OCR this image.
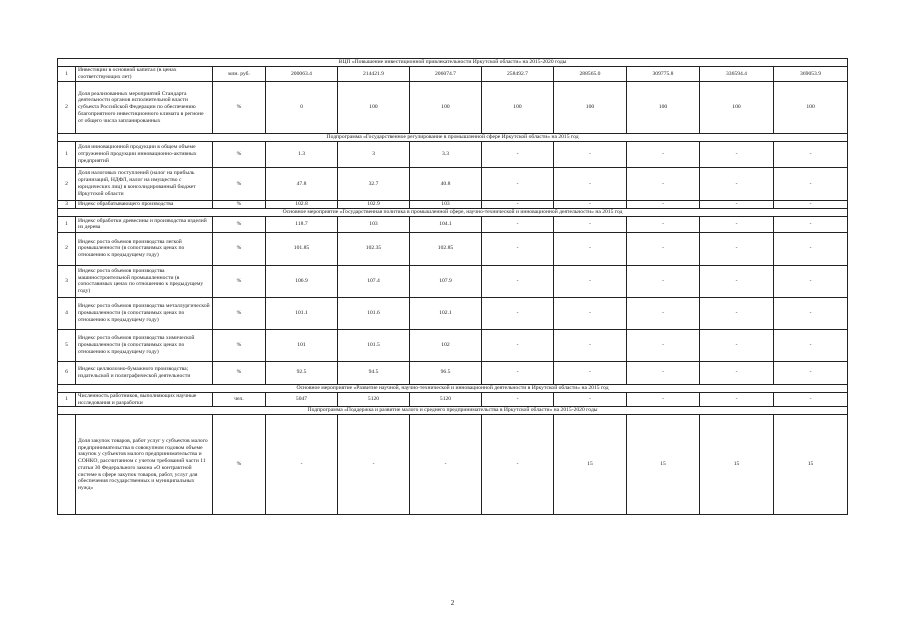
ВЦП «Повышение инвестиционной привлекательности Иркутской области» на 2015-2020 годы										
1	Инвестиции в основной капитал (в ценах соответствующих лет)	млн. руб.	200063.4	214421.9	206074.7	258492.7	288565.0	309775.8	336594.4	369053.9
2	Доля реализованных мероприятий Стандарта деятельности органов исполнительной власти субъекта Российской Федерации по обеспечению благоприятного инвестиционного климата в регионе от общего числа запланированных	%	0	100	100	100	100	100	100	100
Подпрограмма «Государственное регулирование в промышленной сфере Иркутской области» на 2015 год										
1	Доля инновационной продукции в общем объеме отгруженной продукции инновационно-активных предприятий	%	1.3	3	3.3	-	-	-	-	-
2	Доля налоговых поступлений (налог на прибыль организаций, НДФЛ, налог на имущество с юридических лиц) в консолидированный бюджет Иркутской области	%	47.8	32.7	40.8	-	-	-	-	-
3	Индекс обрабатывающего производства	%	102.8	102.9	103	-	-	-	-	-
Основное мероприятие «Государственная политика в промышленной сфере, научно-технической и инновационной деятельности» на 2015 год										
1	Индекс обработки древесины и производства изделий из дерева	%	118.7	103	104.1	-	-	-	-	-
2	Индекс роста объемов производства легкой промышленности (в сопоставимых ценах по отношению к предыдущему году)	%	101.85	102.35	102.85	-	-	-	-	-
3	Индекс роста объемов производства машиностроительной промышленности (в сопоставимых ценах по отношению к предыдущему году)	%	106.9	107.4	107.9	-	-	-	-	-
4	Индекс роста объемов производства металлургической промышленности (в сопоставимых ценах по отношению к предыдущему году)	%	101.1	101.6	102.1	-	-	-	-	-
5	Индекс роста объемов производства химической промышленности (в сопоставимых ценах по отношению к предыдущему году)	%	101	101.5	102	-	-	-	-	-
6	Индекс целлюлозно-бумажного производства; издательской и полиграфической деятельности	%	92.5	94.5	96.5	-	-	-	-	-
Основное мероприятие «Развитие научной, научно-технической и инновационной деятельности в Иркутской области» на 2015 год										
1	Численность работников, выполняющих научные исследования и разработки	чел.	5047	5120	5120	-	-	-	-	-
Подпрограмма «Поддержка и развитие малого и среднего предпринимательства в Иркутской области» на 2015-2020 годы										
	Доля закупок товаров, работ услуг у субъектов малого предпринимательства в совокупном годовом объеме закупок у субъектов малого предпринимательства и СОНКО, рассчитанном с учетом требований части 11 статьи 30 Федерального закона «О контрактной системе в сфере закупок товаров, работ, услуг для обеспечения государственных и муниципальных нужд»	%	-	-	-	-	15	15	15	15
2
